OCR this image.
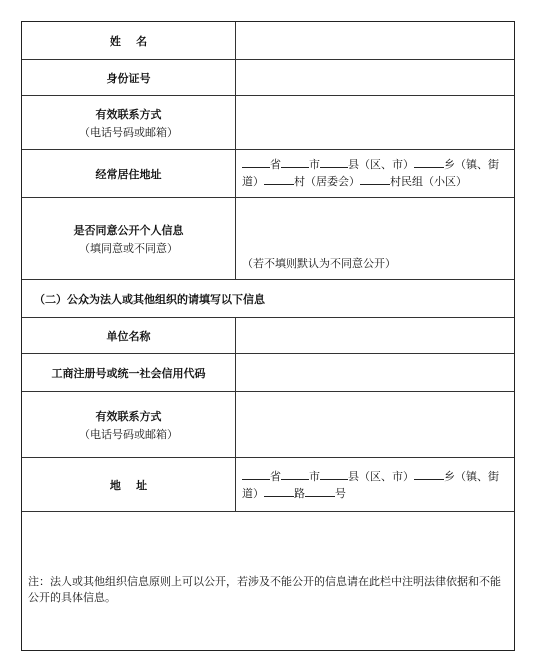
姓    名
身份证号
有效联系方式
（电话号码或邮箱）
经常居住地址
省	市	县（区、市）	乡（镇、街
道）	村（居委会）	村民组（小区）
是否同意公开个人信息
（填同意或不同意）
（若不填则默认为不同意公开）
（二）公众为法人或其他组织的请填写以下信息
单位名称
工商注册号或统一社会信用代码
有效联系方式
（电话号码或邮箱）
地    址
省	市	县（区、市）	乡（镇、街
道）	路	号
注：法人或其他组织信息原则上可以公开，若涉及不能公开的信息请在此栏中注明法律依据和不能公开的具体信息。
